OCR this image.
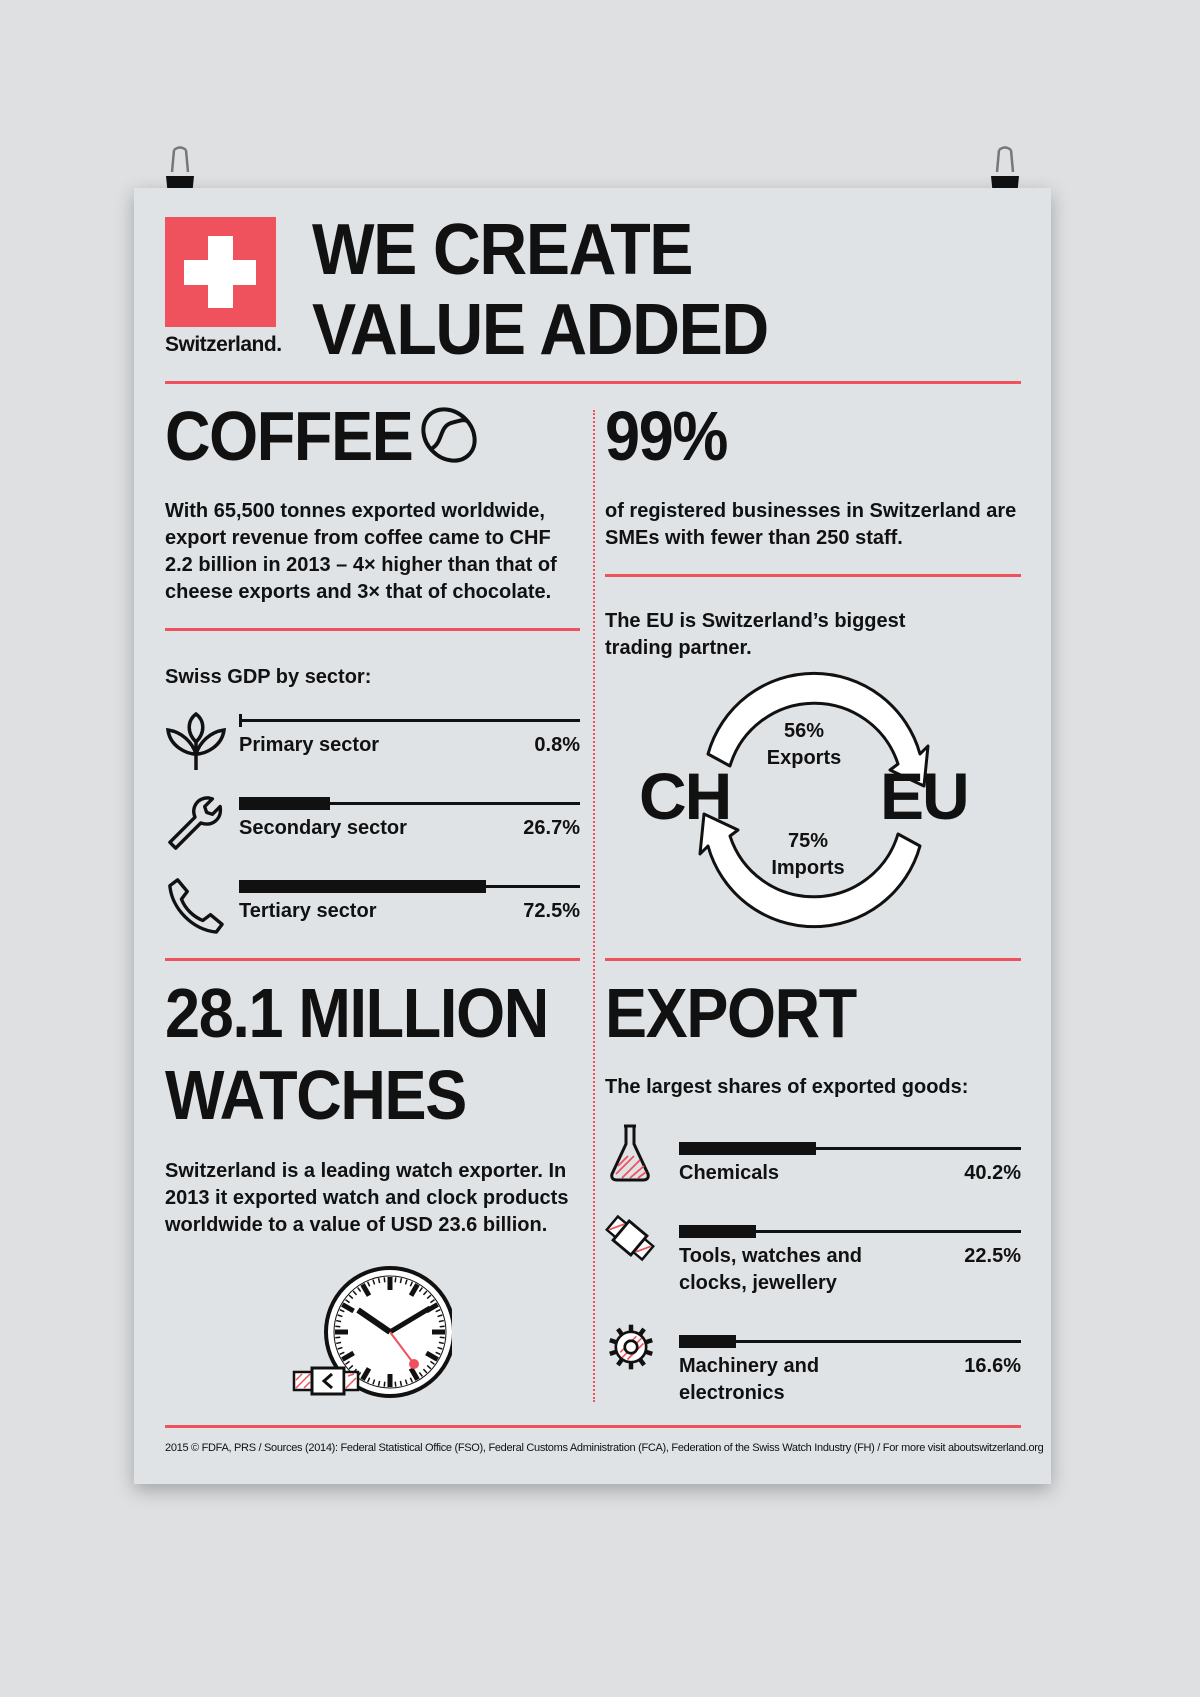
Switzerland.
WE CREATE
VALUE ADDED
COFFEE

With 65,500 tonnes exported worldwide, export revenue from coffee came to CHF 2.2 billion in 2013 – 4× higher than that of cheese exports and 3× that of chocolate.

Swiss GDP by sector:
Primary sector	0.8%
Secondary sector	26.7%
Tertiary sector	72.5%
99%

of registered businesses in Switzerland are SMEs with fewer than 250 staff.

The EU is Switzerland’s biggest trading partner.

CH EU
56%
Exports
75%
Imports
28.1 MILLION
WATCHES

Switzerland is a leading watch exporter. In 2013 it exported watch and clock products worldwide to a value of USD 23.6 billion.

EXPORT
The largest shares of exported goods:
Chemicals	40.2%
Tools, watches and
clocks, jewellery
22.5%
Machinery and
electronics
16.6%
2015 © FDFA, PRS / Sources (2014): Federal Statistical Office (FSO), Federal Customs Administration (FCA), Federation of the Swiss Watch Industry (FH) / For more visit aboutswitzerland.org
